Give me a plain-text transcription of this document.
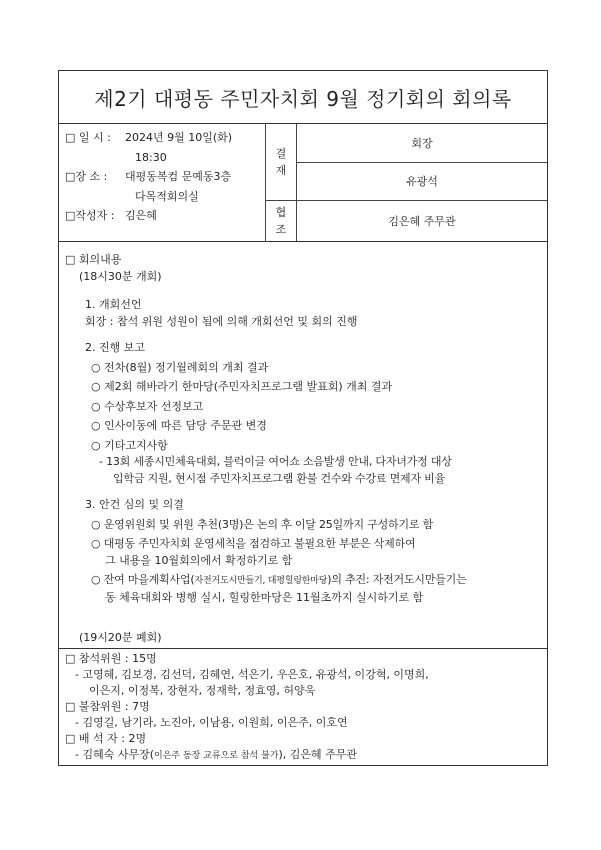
제2기 대평동 주민자치회 9월 정기회의 회의록
□ 일 시 :	2024년 9월 10일(화)
18:30
□장 소 :	대평동복컴 문예동3층
다목적회의실
□작성자 : 김은혜
결
재
회장
유광석
협
조
김은혜 주무관
□ 회의내용
(18시30분 개회)
1. 개회선언
회장 : 참석 위원 성원이 됨에 의해 개회선언 및 회의 진행
2. 진행 보고
○ 전차(8월) 정기월례회의 개최 결과
○ 제2회 해바라기 한마당(주민자치프로그램 발표회) 개최 결과
○ 수상후보자 선정보고
○ 인사이동에 따른 담당 주문관 변경
○ 기타고지사항
- 13회 세종시민체육대회, 블럭이글 여어쇼 소음발생 안내, 다자녀가정 대상
입학금 지원, 현시점 주민자치프로그램 환불 건수와 수강료 면제자 비율
3. 안건 심의 및 의결
○ 운영위원회 및 위원 추천(3명)은 논의 후 이달 25일까지 구성하기로 함
○ 대평동 주민자치회 운영세칙을 점검하고 불필요한 부분은 삭제하여
그 내용을 10월회의에서 확정하기로 함
○ 잔여 마을계획사업(자전거도시만들기, 대평힐링한마당)의 추진: 자전거도시만들기는
동 체육대회와 병행 실시, 힐링한마당은 11월초까지 실시하기로 함
(19시20분 폐회)
□ 참석위원 : 15명
- 고영혜, 김보경, 김선덕, 김혜연, 석은기, 우은호, 유광석, 이강혁, 이명희,
이은지, 이정복, 장현자, 정재학, 정효영, 허양욱
□ 불참위원 : 7명
- 김영길, 남기라, 노진아, 이남용, 이원희, 이은주, 이호연
□ 배 석 자 : 2명
- 김혜숙 사무장(이은주 동장 교류으로 참석 불가), 김은혜 주무관
